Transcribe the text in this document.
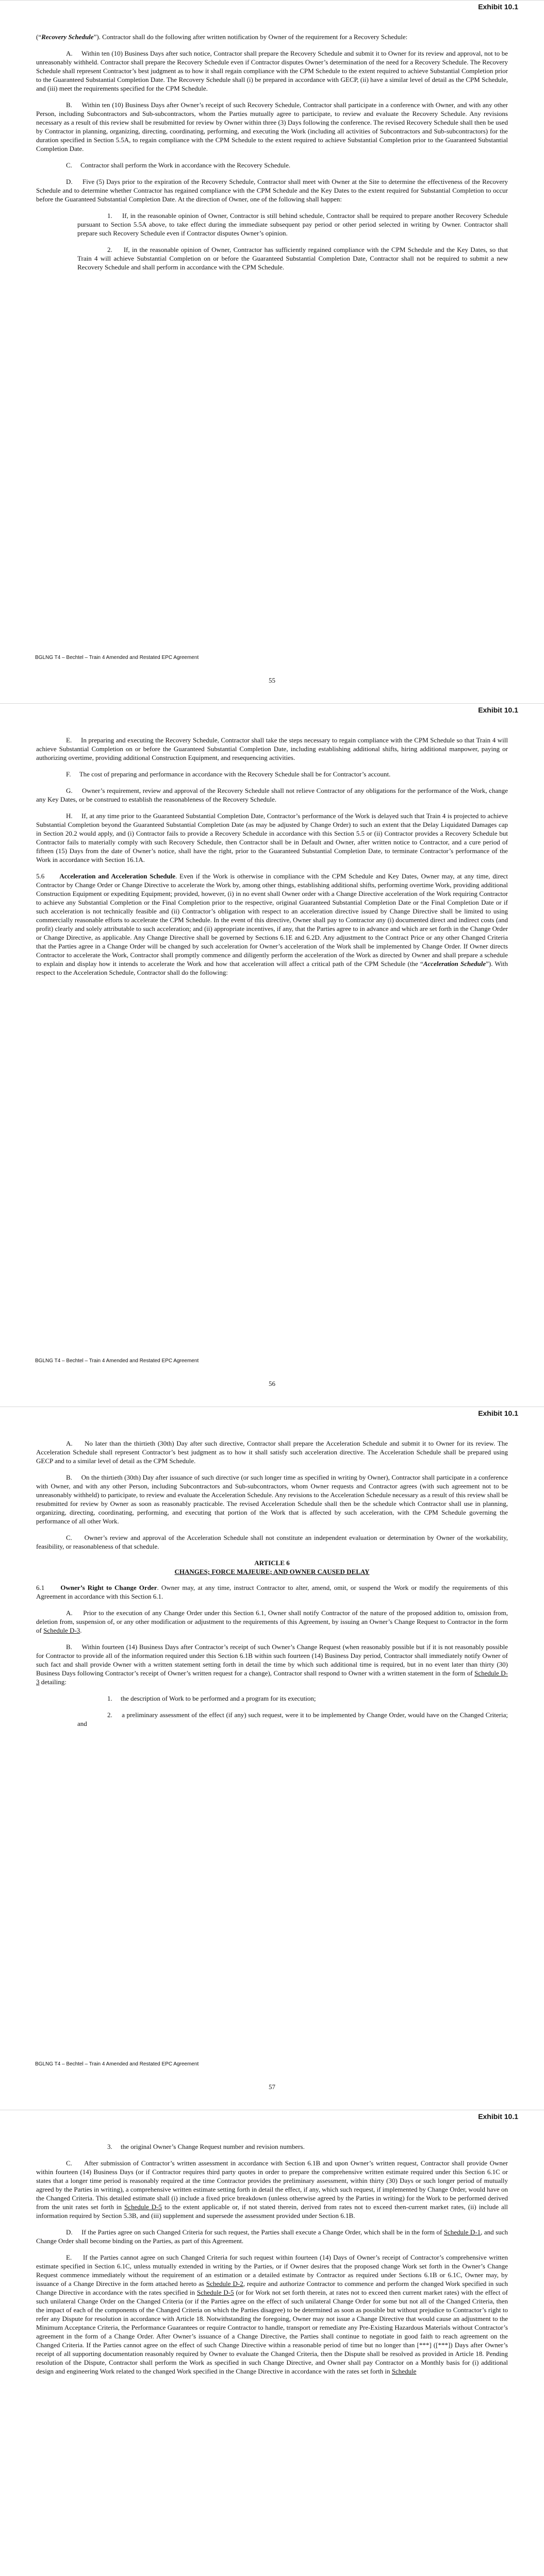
Exhibit 10.1

(“Recovery Schedule”). Contractor shall do the following after written notification by Owner of the requirement for a Recovery Schedule:

A.     Within ten (10) Business Days after such notice, Contractor shall prepare the Recovery Schedule and submit it to Owner for its review and approval, not to be unreasonably withheld. Contractor shall prepare the Recovery Schedule even if Contractor disputes Owner’s determination of the need for a Recovery Schedule. The Recovery Schedule shall represent Contractor’s best judgment as to how it shall regain compliance with the CPM Schedule to the extent required to achieve Substantial Completion prior to the Guaranteed Substantial Completion Date. The Recovery Schedule shall (i) be prepared in accordance with GECP, (ii) have a similar level of detail as the CPM Schedule, and (iii) meet the requirements specified for the CPM Schedule.

B.     Within ten (10) Business Days after Owner’s receipt of such Recovery Schedule, Contractor shall participate in a conference with Owner, and with any other Person, including Subcontractors and Sub-subcontractors, whom the Parties mutually agree to participate, to review and evaluate the Recovery Schedule. Any revisions necessary as a result of this review shall be resubmitted for review by Owner within three (3) Days following the conference. The revised Recovery Schedule shall then be used by Contractor in planning, organizing, directing, coordinating, performing, and executing the Work (including all activities of Subcontractors and Sub-subcontractors) for the duration specified in Section 5.5A, to regain compliance with the CPM Schedule to the extent required to achieve Substantial Completion prior to the Guaranteed Substantial Completion Date.

C.     Contractor shall perform the Work in accordance with the Recovery Schedule.

D.     Five (5) Days prior to the expiration of the Recovery Schedule, Contractor shall meet with Owner at the Site to determine the effectiveness of the Recovery Schedule and to determine whether Contractor has regained compliance with the CPM Schedule and the Key Dates to the extent required for Substantial Completion to occur before the Guaranteed Substantial Completion Date. At the direction of Owner, one of the following shall happen:

1.     If, in the reasonable opinion of Owner, Contractor is still behind schedule, Contractor shall be required to prepare another Recovery Schedule pursuant to Section 5.5A above, to take effect during the immediate subsequent pay period or other period selected in writing by Owner. Contractor shall prepare such Recovery Schedule even if Contractor disputes Owner’s opinion.

2.     If, in the reasonable opinion of Owner, Contractor has sufficiently regained compliance with the CPM Schedule and the Key Dates, so that Train 4 will achieve Substantial Completion on or before the Guaranteed Substantial Completion Date, Contractor shall not be required to submit a new Recovery Schedule and shall perform in accordance with the CPM Schedule.

BGLNG T4 – Bechtel – Train 4 Amended and Restated EPC Agreement
55
Exhibit 10.1

E.     In preparing and executing the Recovery Schedule, Contractor shall take the steps necessary to regain compliance with the CPM Schedule so that Train 4 will achieve Substantial Completion on or before the Guaranteed Substantial Completion Date, including establishing additional shifts, hiring additional manpower, paying or authorizing overtime, providing additional Construction Equipment, and resequencing activities.

F.     The cost of preparing and performance in accordance with the Recovery Schedule shall be for Contractor’s account.

G.     Owner’s requirement, review and approval of the Recovery Schedule shall not relieve Contractor of any obligations for the performance of the Work, change any Key Dates, or be construed to establish the reasonableness of the Recovery Schedule.

H.     If, at any time prior to the Guaranteed Substantial Completion Date, Contractor’s performance of the Work is delayed such that Train 4 is projected to achieve Substantial Completion beyond the Guaranteed Substantial Completion Date (as may be adjusted by Change Order) to such an extent that the Delay Liquidated Damages cap in Section 20.2 would apply, and (i) Contractor fails to provide a Recovery Schedule in accordance with this Section 5.5 or (ii) Contractor provides a Recovery Schedule but Contractor fails to materially comply with such Recovery Schedule, then Contractor shall be in Default and Owner, after written notice to Contractor, and a cure period of fifteen (15) Days from the date of Owner’s notice, shall have the right, prior to the Guaranteed Substantial Completion Date, to terminate Contractor’s performance of the Work in accordance with Section 16.1A.

5.6      Acceleration and Acceleration Schedule. Even if the Work is otherwise in compliance with the CPM Schedule and Key Dates, Owner may, at any time, direct Contractor by Change Order or Change Directive to accelerate the Work by, among other things, establishing additional shifts, performing overtime Work, providing additional Construction Equipment or expediting Equipment; provided, however, (i) in no event shall Owner order with a Change Directive acceleration of the Work requiring Contractor to achieve any Substantial Completion or the Final Completion prior to the respective, original Guaranteed Substantial Completion Date or the Final Completion Date or if such acceleration is not technically feasible and (ii) Contractor’s obligation with respect to an acceleration directive issued by Change Directive shall be limited to using commercially reasonable efforts to accelerate the CPM Schedule. In the event of this directive, Owner shall pay to Contractor any (i) documented direct and indirect costs (and profit) clearly and solely attributable to such acceleration; and (ii) appropriate incentives, if any, that the Parties agree to in advance and which are set forth in the Change Order or Change Directive, as applicable. Any Change Directive shall be governed by Sections 6.1E and 6.2D. Any adjustment to the Contract Price or any other Changed Criteria that the Parties agree in a Change Order will be changed by such acceleration for Owner’s acceleration of the Work shall be implemented by Change Order. If Owner directs Contractor to accelerate the Work, Contractor shall promptly commence and diligently perform the acceleration of the Work as directed by Owner and shall prepare a schedule to explain and display how it intends to accelerate the Work and how that acceleration will affect a critical path of the CPM Schedule (the “Acceleration Schedule”). With respect to the Acceleration Schedule, Contractor shall do the following:

BGLNG T4 – Bechtel – Train 4 Amended and Restated EPC Agreement
56
Exhibit 10.1

A.     No later than the thirtieth (30th) Day after such directive, Contractor shall prepare the Acceleration Schedule and submit it to Owner for its review. The Acceleration Schedule shall represent Contractor’s best judgment as to how it shall satisfy such acceleration directive. The Acceleration Schedule shall be prepared using GECP and to a similar level of detail as the CPM Schedule.

B.     On the thirtieth (30th) Day after issuance of such directive (or such longer time as specified in writing by Owner), Contractor shall participate in a conference with Owner, and with any other Person, including Subcontractors and Sub-subcontractors, whom Owner requests and Contractor agrees (with such agreement not to be unreasonably withheld) to participate, to review and evaluate the Acceleration Schedule. Any revisions to the Acceleration Schedule necessary as a result of this review shall be resubmitted for review by Owner as soon as reasonably practicable. The revised Acceleration Schedule shall then be the schedule which Contractor shall use in planning, organizing, directing, coordinating, performing, and executing that portion of the Work that is affected by such acceleration, with the CPM Schedule governing the performance of all other Work.

C.     Owner’s review and approval of the Acceleration Schedule shall not constitute an independent evaluation or determination by Owner of the workability, feasibility, or reasonableness of that schedule.

ARTICLE 6

CHANGES; FORCE MAJEURE; AND OWNER CAUSED DELAY

6.1      Owner’s Right to Change Order. Owner may, at any time, instruct Contractor to alter, amend, omit, or suspend the Work or modify the requirements of this Agreement in accordance with this Section 6.1.

A.     Prior to the execution of any Change Order under this Section 6.1, Owner shall notify Contractor of the nature of the proposed addition to, omission from, deletion from, suspension of, or any other modification or adjustment to the requirements of this Agreement, by issuing an Owner’s Change Request to Contractor in the form of Schedule D-3.

B.     Within fourteen (14) Business Days after Contractor’s receipt of such Owner’s Change Request (when reasonably possible but if it is not reasonably possible for Contractor to provide all of the information required under this Section 6.1B within such fourteen (14) Business Day period, Contractor shall immediately notify Owner of such fact and shall provide Owner with a written statement setting forth in detail the time by which such additional time is required, but in no event later than thirty (30) Business Days following Contractor’s receipt of Owner’s written request for a change), Contractor shall respond to Owner with a written statement in the form of Schedule D-3 detailing:

1.     the description of Work to be performed and a program for its execution;

2.     a preliminary assessment of the effect (if any) such request, were it to be implemented by Change Order, would have on the Changed Criteria; and

BGLNG T4 – Bechtel – Train 4 Amended and Restated EPC Agreement
57
Exhibit 10.1

3.     the original Owner’s Change Request number and revision numbers.

C.     After submission of Contractor’s written assessment in accordance with Section 6.1B and upon Owner’s written request, Contractor shall provide Owner within fourteen (14) Business Days (or if Contractor requires third party quotes in order to prepare the comprehensive written estimate required under this Section 6.1C or states that a longer time period is reasonably required at the time Contractor provides the preliminary assessment, within thirty (30) Days or such longer period of mutually agreed by the Parties in writing), a comprehensive written estimate setting forth in detail the effect, if any, which such request, if implemented by Change Order, would have on the Changed Criteria. This detailed estimate shall (i) include a fixed price breakdown (unless otherwise agreed by the Parties in writing) for the Work to be performed derived from the unit rates set forth in Schedule D-5 to the extent applicable or, if not stated therein, derived from rates not to exceed then-current market rates, (ii) include all information required by Section 5.3B, and (iii) supplement and supersede the assessment provided under Section 6.1B.

D.     If the Parties agree on such Changed Criteria for such request, the Parties shall execute a Change Order, which shall be in the form of Schedule D-1, and such Change Order shall become binding on the Parties, as part of this Agreement.

E.     If the Parties cannot agree on such Changed Criteria for such request within fourteen (14) Days of Owner’s receipt of Contractor’s comprehensive written estimate specified in Section 6.1C, unless mutually extended in writing by the Parties, or if Owner desires that the proposed change Work set forth in the Owner’s Change Request commence immediately without the requirement of an estimation or a detailed estimate by Contractor as required under Sections 6.1B or 6.1C, Owner may, by issuance of a Change Directive in the form attached hereto as Schedule D-2, require and authorize Contractor to commence and perform the changed Work specified in such Change Directive in accordance with the rates specified in Schedule D-5 (or for Work not set forth therein, at rates not to exceed then current market rates) with the effect of such unilateral Change Order on the Changed Criteria (or if the Parties agree on the effect of such unilateral Change Order for some but not all of the Changed Criteria, then the impact of each of the components of the Changed Criteria on which the Parties disagree) to be determined as soon as possible but without prejudice to Contractor’s right to refer any Dispute for resolution in accordance with Article 18. Notwithstanding the foregoing, Owner may not issue a Change Directive that would cause an adjustment to the Minimum Acceptance Criteria, the Performance Guarantees or require Contractor to handle, transport or remediate any Pre-Existing Hazardous Materials without Contractor’s agreement in the form of a Change Order. After Owner’s issuance of a Change Directive, the Parties shall continue to negotiate in good faith to reach agreement on the Changed Criteria. If the Parties cannot agree on the effect of such Change Directive within a reasonable period of time but no longer than [***] ([***]) Days after Owner’s receipt of all supporting documentation reasonably required by Owner to evaluate the Changed Criteria, then the Dispute shall be resolved as provided in Article 18. Pending resolution of the Dispute, Contractor shall perform the Work as specified in such Change Directive, and Owner shall pay Contractor on a Monthly basis for (i) additional design and engineering Work related to the changed Work specified in the Change Directive in accordance with the rates set forth in Schedule
